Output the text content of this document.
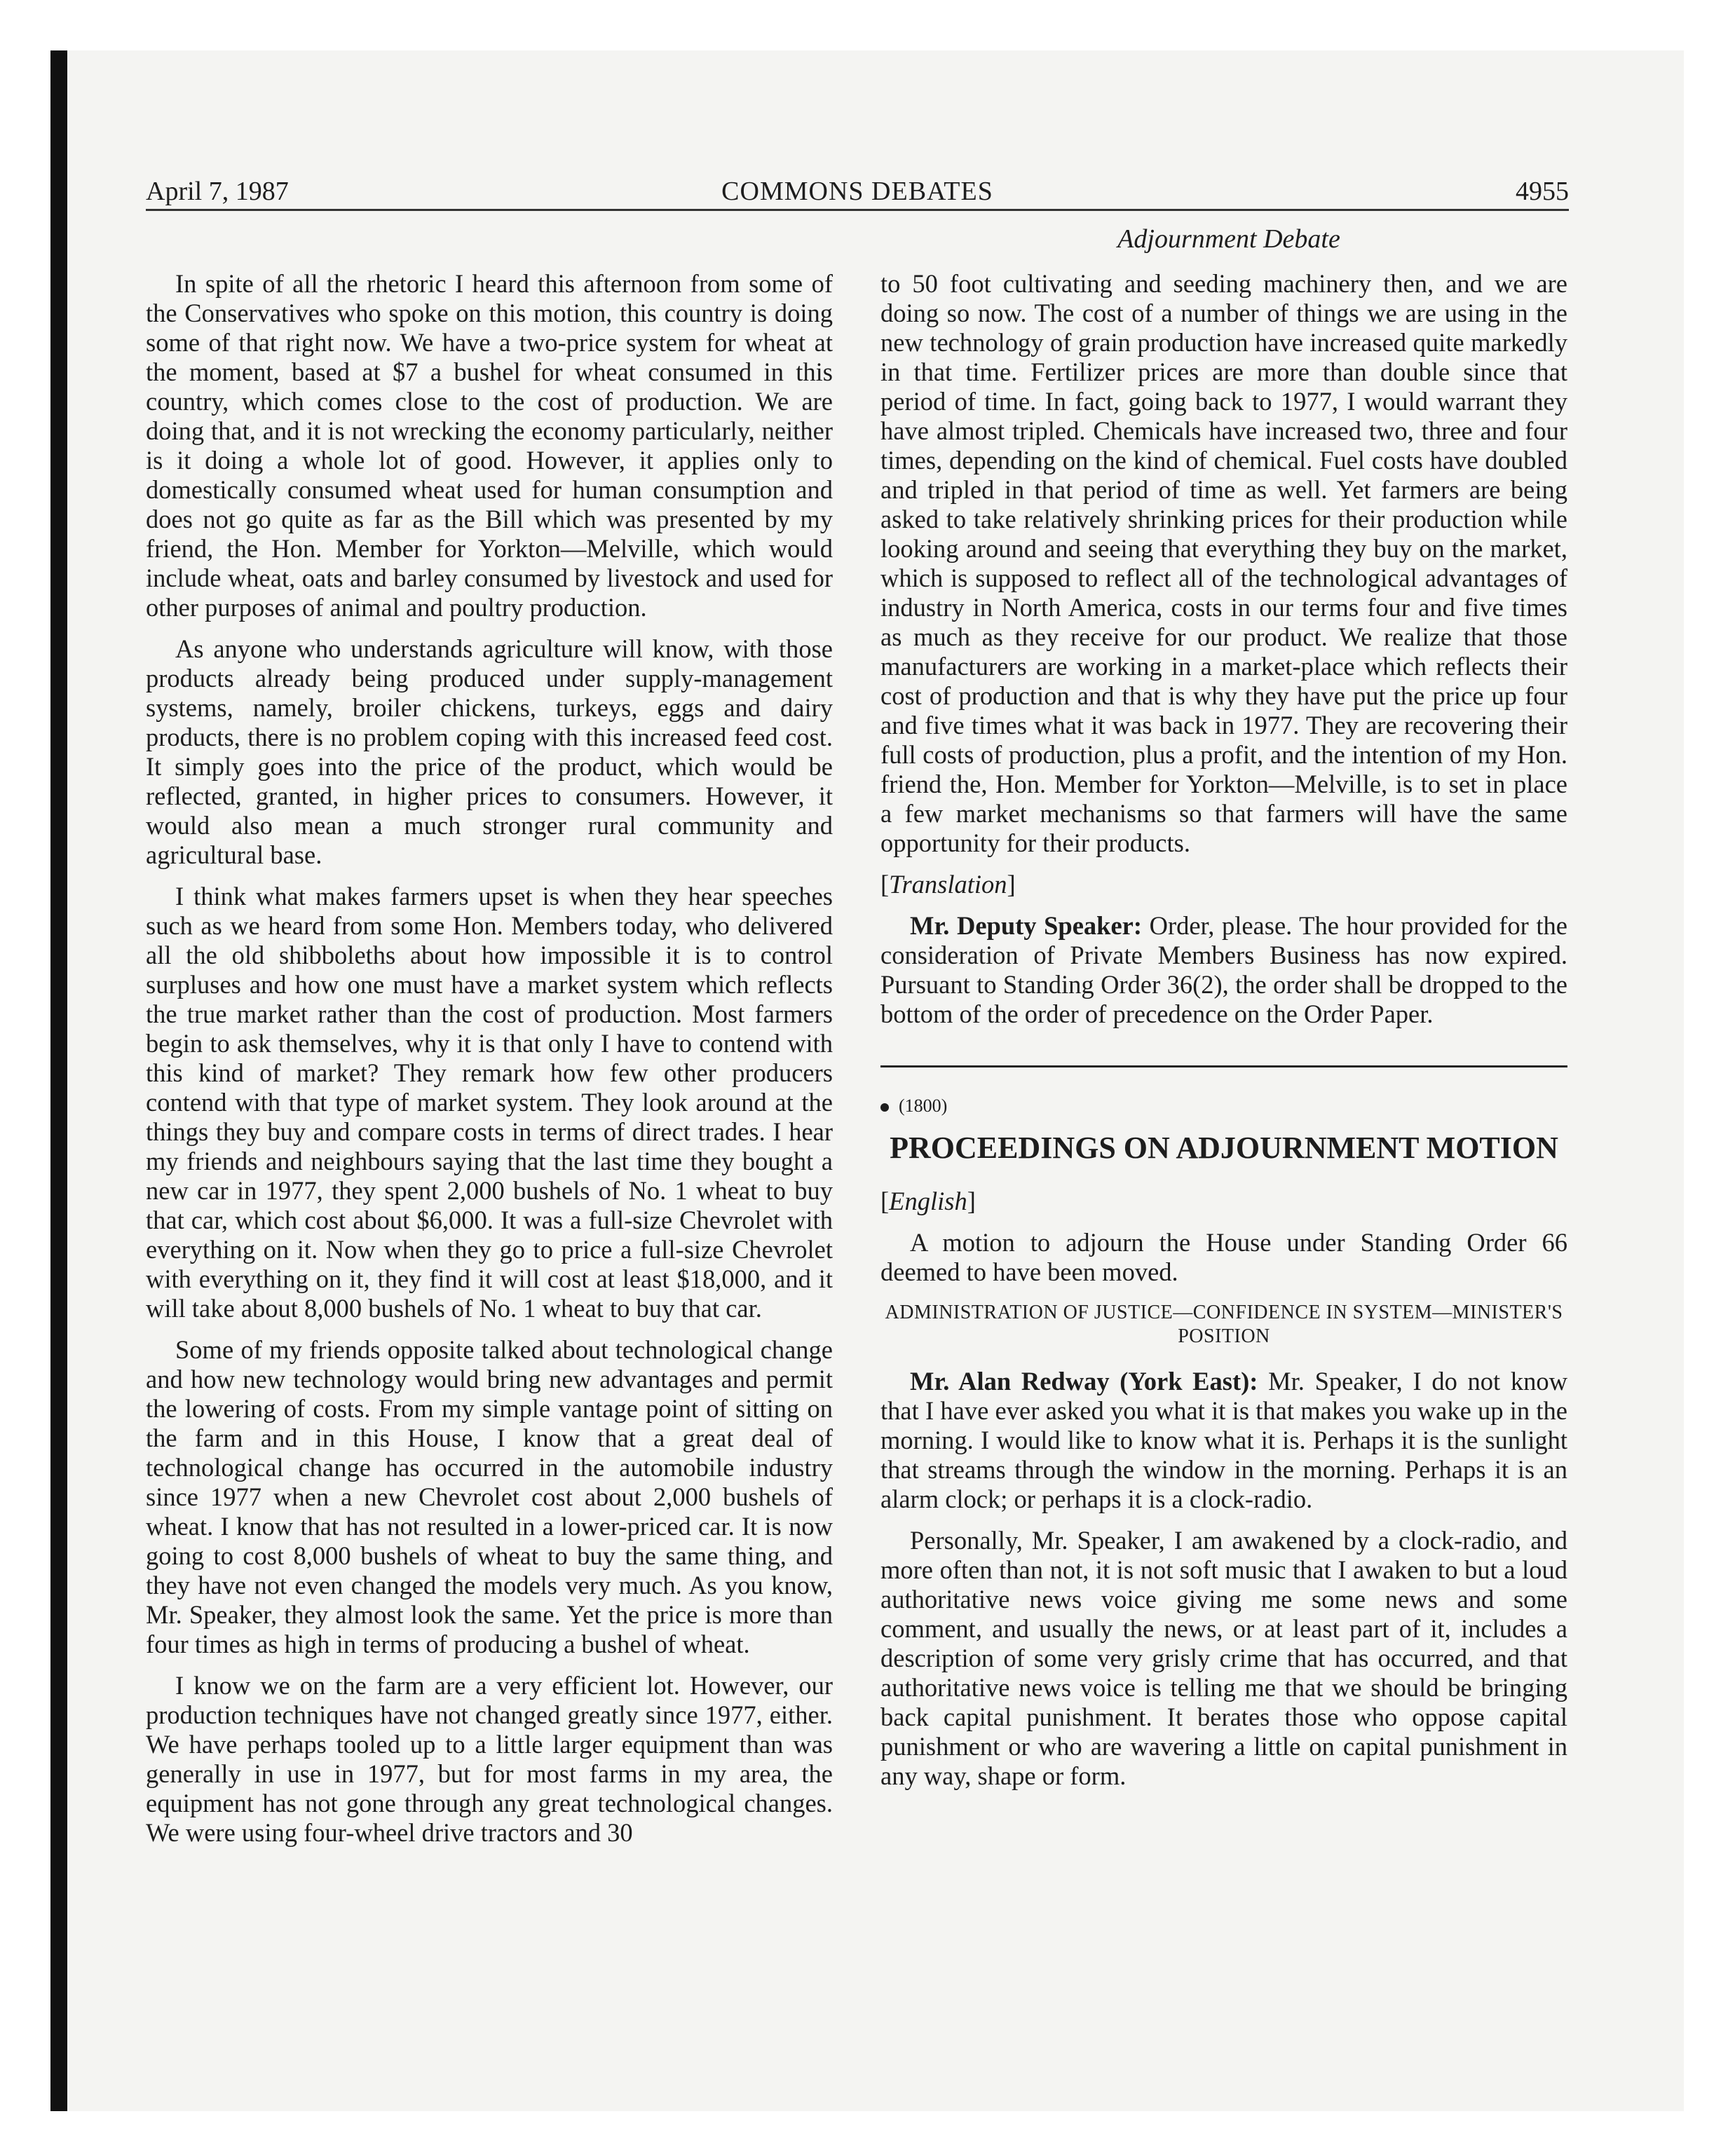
April 7, 1987	COMMONS DEBATES	4955
Adjournment Debate

In spite of all the rhetoric I heard this afternoon from some of the Conservatives who spoke on this motion, this country is doing some of that right now. We have a two-price system for wheat at the moment, based at $7 a bushel for wheat consumed in this country, which comes close to the cost of production. We are doing that, and it is not wrecking the economy particularly, neither is it doing a whole lot of good. However, it applies only to domestically consumed wheat used for human consumption and does not go quite as far as the Bill which was presented by my friend, the Hon. Member for Yorkton—Melville, which would include wheat, oats and barley consumed by livestock and used for other purposes of animal and poultry production.

As anyone who understands agriculture will know, with those products already being produced under supply-management systems, namely, broiler chickens, turkeys, eggs and dairy products, there is no problem coping with this increased feed cost. It simply goes into the price of the product, which would be reflected, granted, in higher prices to consumers. However, it would also mean a much stronger rural community and agricultural base.

I think what makes farmers upset is when they hear speeches such as we heard from some Hon. Members today, who delivered all the old shibboleths about how impossible it is to control surpluses and how one must have a market system which reflects the true market rather than the cost of production. Most farmers begin to ask themselves, why it is that only I have to contend with this kind of market? They remark how few other producers contend with that type of market system. They look around at the things they buy and compare costs in terms of direct trades. I hear my friends and neighbours saying that the last time they bought a new car in 1977, they spent 2,000 bushels of No. 1 wheat to buy that car, which cost about $6,000. It was a full-size Chevrolet with everything on it. Now when they go to price a full-size Chevrolet with everything on it, they find it will cost at least $18,000, and it will take about 8,000 bushels of No. 1 wheat to buy that car.

Some of my friends opposite talked about technological change and how new technology would bring new advantages and permit the lowering of costs. From my simple vantage point of sitting on the farm and in this House, I know that a great deal of technological change has occurred in the automobile industry since 1977 when a new Chevrolet cost about 2,000 bushels of wheat. I know that has not resulted in a lower-priced car. It is now going to cost 8,000 bushels of wheat to buy the same thing, and they have not even changed the models very much. As you know, Mr. Speaker, they almost look the same. Yet the price is more than four times as high in terms of producing a bushel of wheat.

I know we on the farm are a very efficient lot. However, our production techniques have not changed greatly since 1977, either. We have perhaps tooled up to a little larger equipment than was generally in use in 1977, but for most farms in my area, the equipment has not gone through any great technological changes. We were using four-wheel drive tractors and 30

to 50 foot cultivating and seeding machinery then, and we are doing so now. The cost of a number of things we are using in the new technology of grain production have increased quite markedly in that time. Fertilizer prices are more than double since that period of time. In fact, going back to 1977, I would warrant they have almost tripled. Chemicals have increased two, three and four times, depending on the kind of chemical. Fuel costs have doubled and tripled in that period of time as well. Yet farmers are being asked to take relatively shrinking prices for their production while looking around and seeing that everything they buy on the market, which is supposed to reflect all of the technological advantages of industry in North America, costs in our terms four and five times as much as they receive for our product. We realize that those manufacturers are working in a market-place which reflects their cost of production and that is why they have put the price up four and five times what it was back in 1977. They are recovering their full costs of production, plus a profit, and the intention of my Hon. friend the, Hon. Member for Yorkton—Melville, is to set in place a few market mechanisms so that farmers will have the same opportunity for their products.

[Translation]

Mr. Deputy Speaker: Order, please. The hour provided for the consideration of Private Members Business has now expired. Pursuant to Standing Order 36(2), the order shall be dropped to the bottom of the order of precedence on the Order Paper.

(1800)
PROCEEDINGS ON ADJOURNMENT MOTION

[English]

A motion to adjourn the House under Standing Order 66 deemed to have been moved.

ADMINISTRATION OF JUSTICE—CONFIDENCE IN SYSTEM—MINISTER'S POSITION

Mr. Alan Redway (York East): Mr. Speaker, I do not know that I have ever asked you what it is that makes you wake up in the morning. I would like to know what it is. Perhaps it is the sunlight that streams through the window in the morning. Perhaps it is an alarm clock; or perhaps it is a clock-radio.

Personally, Mr. Speaker, I am awakened by a clock-radio, and more often than not, it is not soft music that I awaken to but a loud authoritative news voice giving me some news and some comment, and usually the news, or at least part of it, includes a description of some very grisly crime that has occurred, and that authoritative news voice is telling me that we should be bringing back capital punishment. It berates those who oppose capital punishment or who are wavering a little on capital punishment in any way, shape or form.
